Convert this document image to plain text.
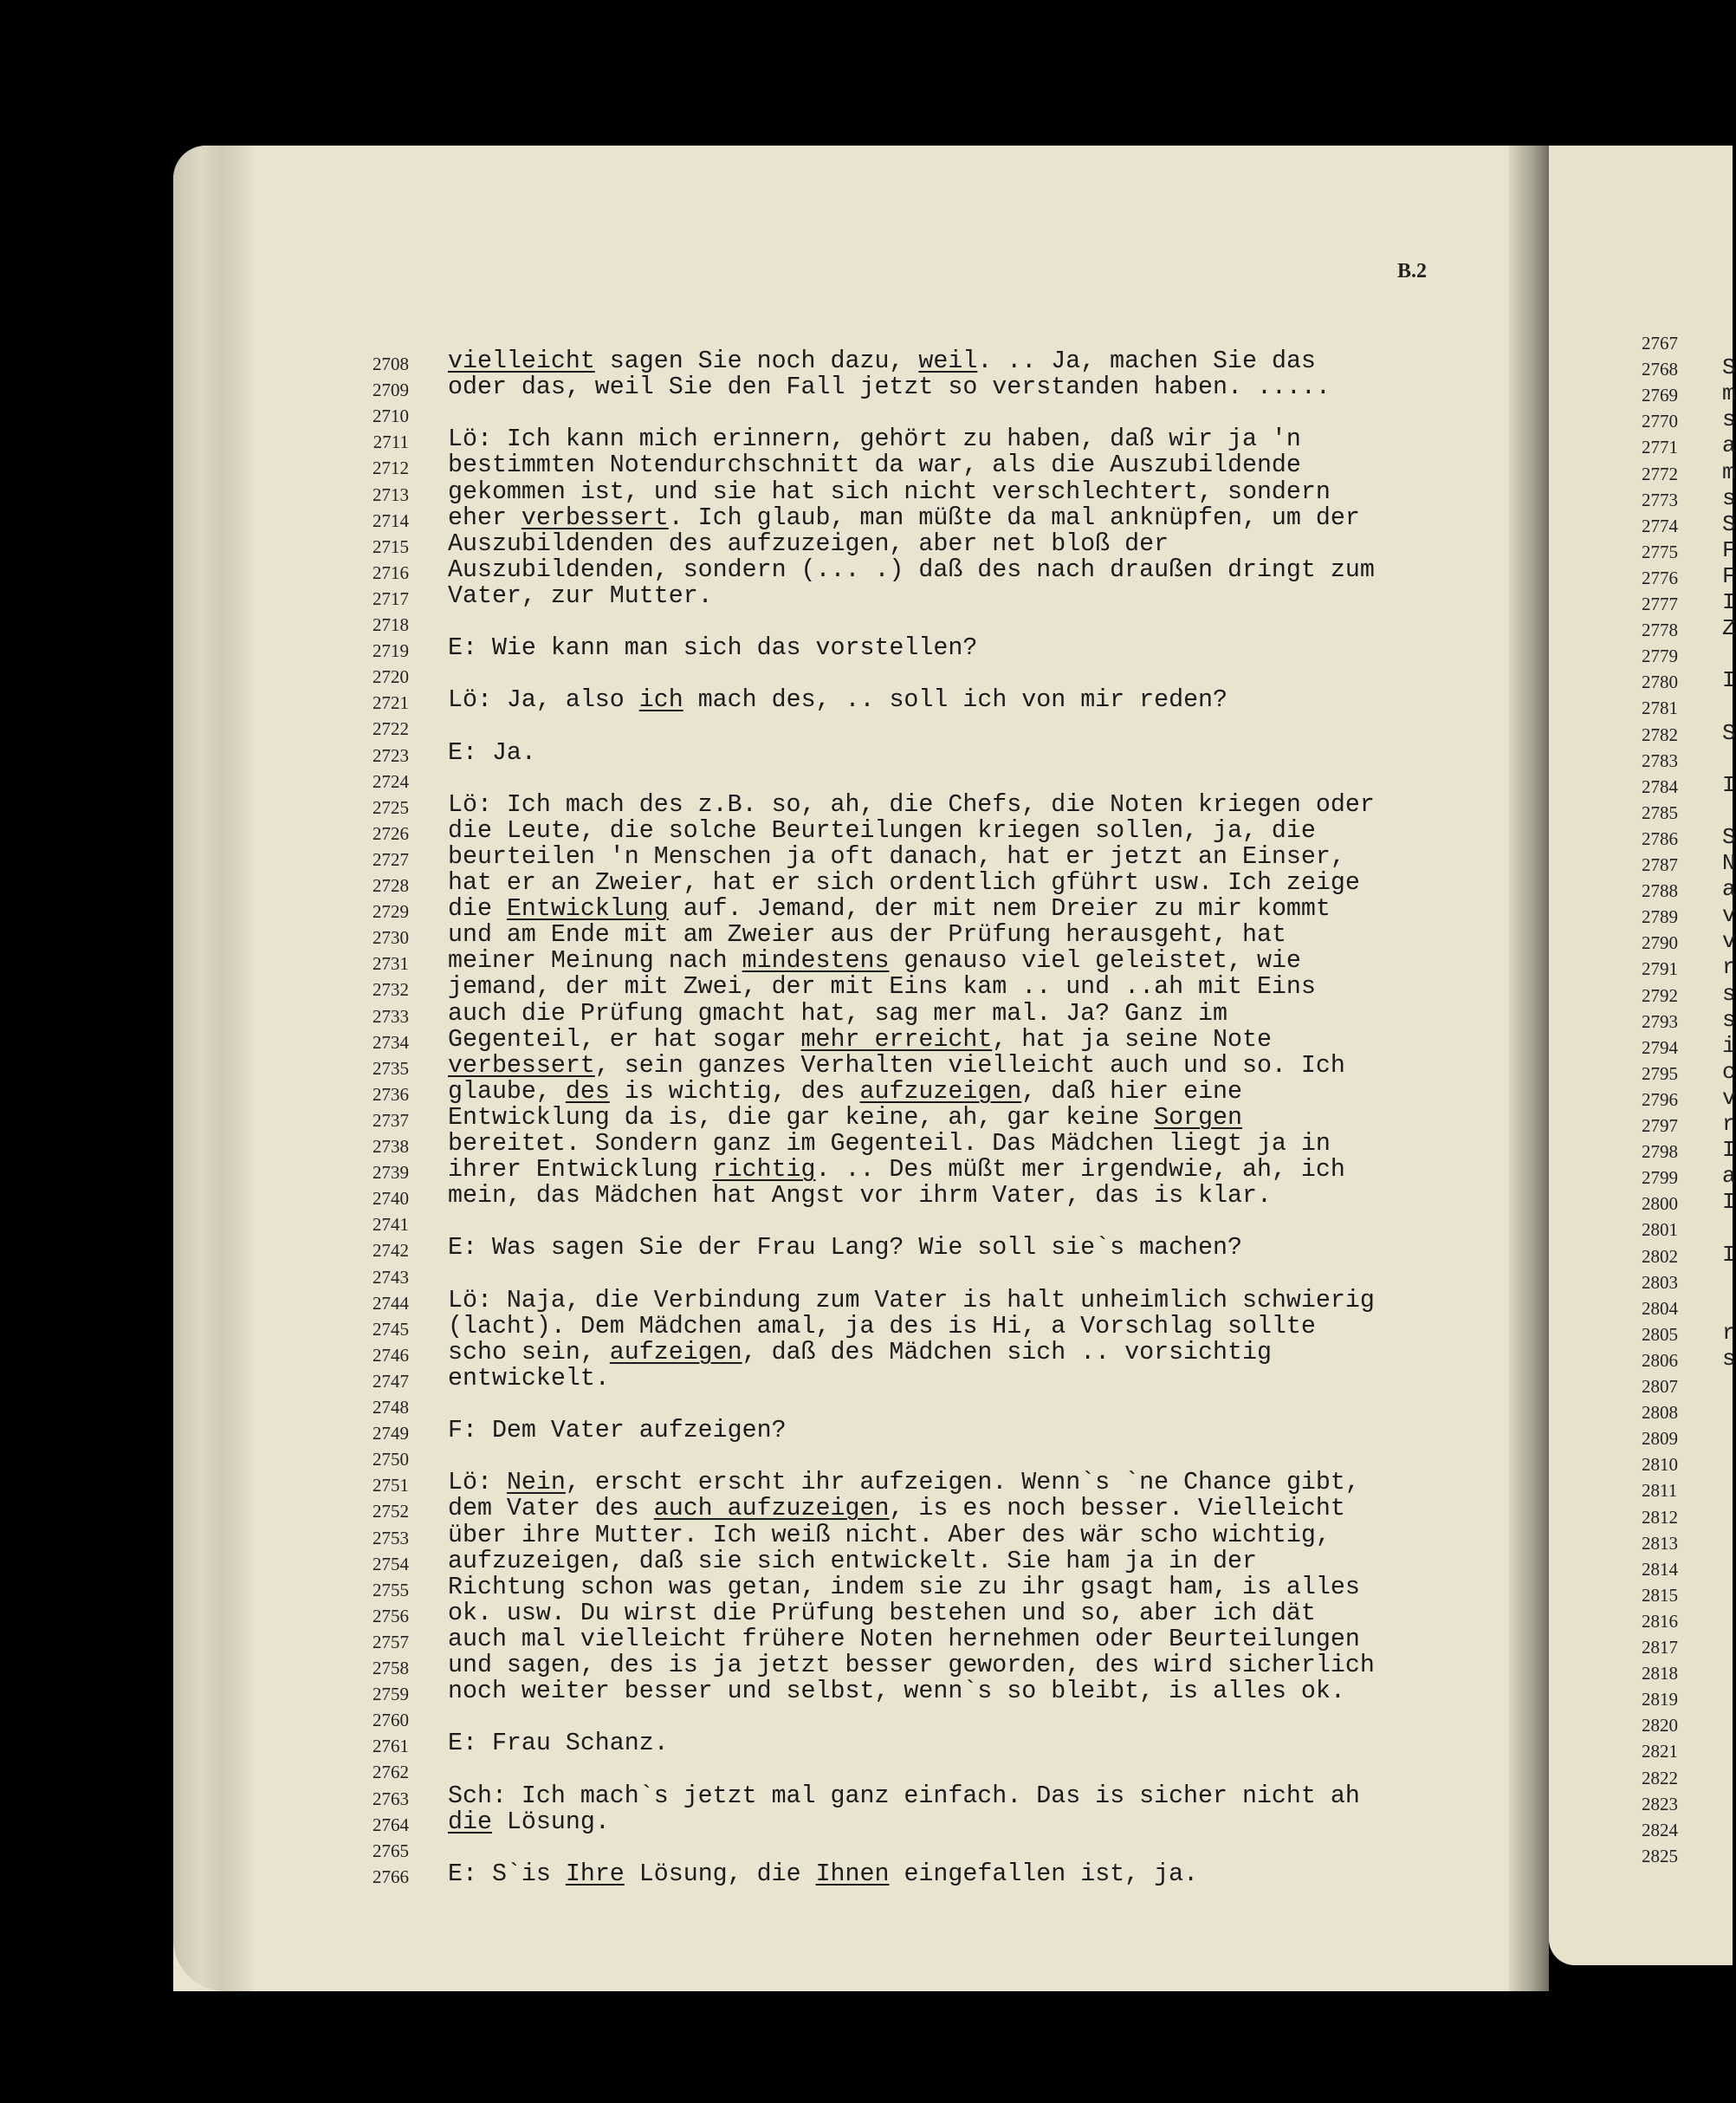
B.2
2708 vielleicht sagen Sie noch dazu, weil. .. Ja, machen Sie das
2709 oder das, weil Sie den Fall jetzt so verstanden haben. .....
2710
2711 Lö: Ich kann mich erinnern, gehört zu haben, daß wir ja 'n
2712 bestimmten Notendurchschnitt da war, als die Auszubildende
2713 gekommen ist, und sie hat sich nicht verschlechtert, sondern
2714 eher verbessert. Ich glaub, man müßte da mal anknüpfen, um der
2715 Auszubildenden des aufzuzeigen, aber net bloß der
2716 Auszubildenden, sondern (... .) daß des nach draußen dringt zum
2717 Vater, zur Mutter.
2718
2719 E: Wie kann man sich das vorstellen?
2720
2721 Lö: Ja, also ich mach des, .. soll ich von mir reden?
2722
2723 E: Ja.
2724
2725 Lö: Ich mach des z.B. so, ah, die Chefs, die Noten kriegen oder
2726 die Leute, die solche Beurteilungen kriegen sollen, ja, die
2727 beurteilen 'n Menschen ja oft danach, hat er jetzt an Einser,
2728 hat er an Zweier, hat er sich ordentlich gführt usw. Ich zeige
2729 die Entwicklung auf. Jemand, der mit nem Dreier zu mir kommt
2730 und am Ende mit am Zweier aus der Prüfung herausgeht, hat
2731 meiner Meinung nach mindestens genauso viel geleistet, wie
2732 jemand, der mit Zwei, der mit Eins kam .. und ..ah mit Eins
2733 auch die Prüfung gmacht hat, sag mer mal. Ja? Ganz im
2734 Gegenteil, er hat sogar mehr erreicht, hat ja seine Note
2735 verbessert, sein ganzes Verhalten vielleicht auch und so. Ich
2736 glaube, des is wichtig, des aufzuzeigen, daß hier eine
2737 Entwicklung da is, die gar keine, ah, gar keine Sorgen
2738 bereitet. Sondern ganz im Gegenteil. Das Mädchen liegt ja in
2739 ihrer Entwicklung richtig. .. Des müßt mer irgendwie, ah, ich
2740 mein, das Mädchen hat Angst vor ihrm Vater, das is klar.
2741
2742 E: Was sagen Sie der Frau Lang? Wie soll sie`s machen?
2743
2744 Lö: Naja, die Verbindung zum Vater is halt unheimlich schwierig
2745 (lacht). Dem Mädchen amal, ja des is Hi, a Vorschlag sollte
2746 scho sein, aufzeigen, daß des Mädchen sich .. vorsichtig
2747 entwickelt.
2748
2749 F: Dem Vater aufzeigen?
2750
2751 Lö: Nein, erscht erscht ihr aufzeigen. Wenn`s `ne Chance gibt,
2752 dem Vater des auch aufzuzeigen, is es noch besser. Vielleicht
2753 über ihre Mutter. Ich weiß nicht. Aber des wär scho wichtig,
2754 aufzuzeigen, daß sie sich entwickelt. Sie ham ja in der
2755 Richtung schon was getan, indem sie zu ihr gsagt ham, is alles
2756 ok. usw. Du wirst die Prüfung bestehen und so, aber ich dät
2757 auch mal vielleicht frühere Noten hernehmen oder Beurteilungen
2758 und sagen, des is ja jetzt besser geworden, des wird sicherlich
2759 noch weiter besser und selbst, wenn`s so bleibt, is alles ok.
2760
2761 E: Frau Schanz.
2762
2763 Sch: Ich mach`s jetzt mal ganz einfach. Das is sicher nicht ah
2764 die Lösung.
2765
2766 E: S`is Ihre Lösung, die Ihnen eingefallen ist, ja.
2767
2768 S
2769 m
2770 s
2771 a
2772 m
2773 s
2774 S
2775 F
2776 F
2777 I
2778 Z
2779
2780 I
2781
2782 S
2783
2784 I
2785
2786 S
2787 N
2788 a
2789 v
2790 v
2791 r
2792 s
2793 s
2794 i
2795 c
2796 v
2797 r
2798 I
2799 a
2800 I
2801
2802 I
2803
2804
2805 r
2806 s
2807
2808
2809
2810
2811
2812
2813
2814
2815
2816
2817
2818
2819
2820
2821
2822
2823
2824
2825
